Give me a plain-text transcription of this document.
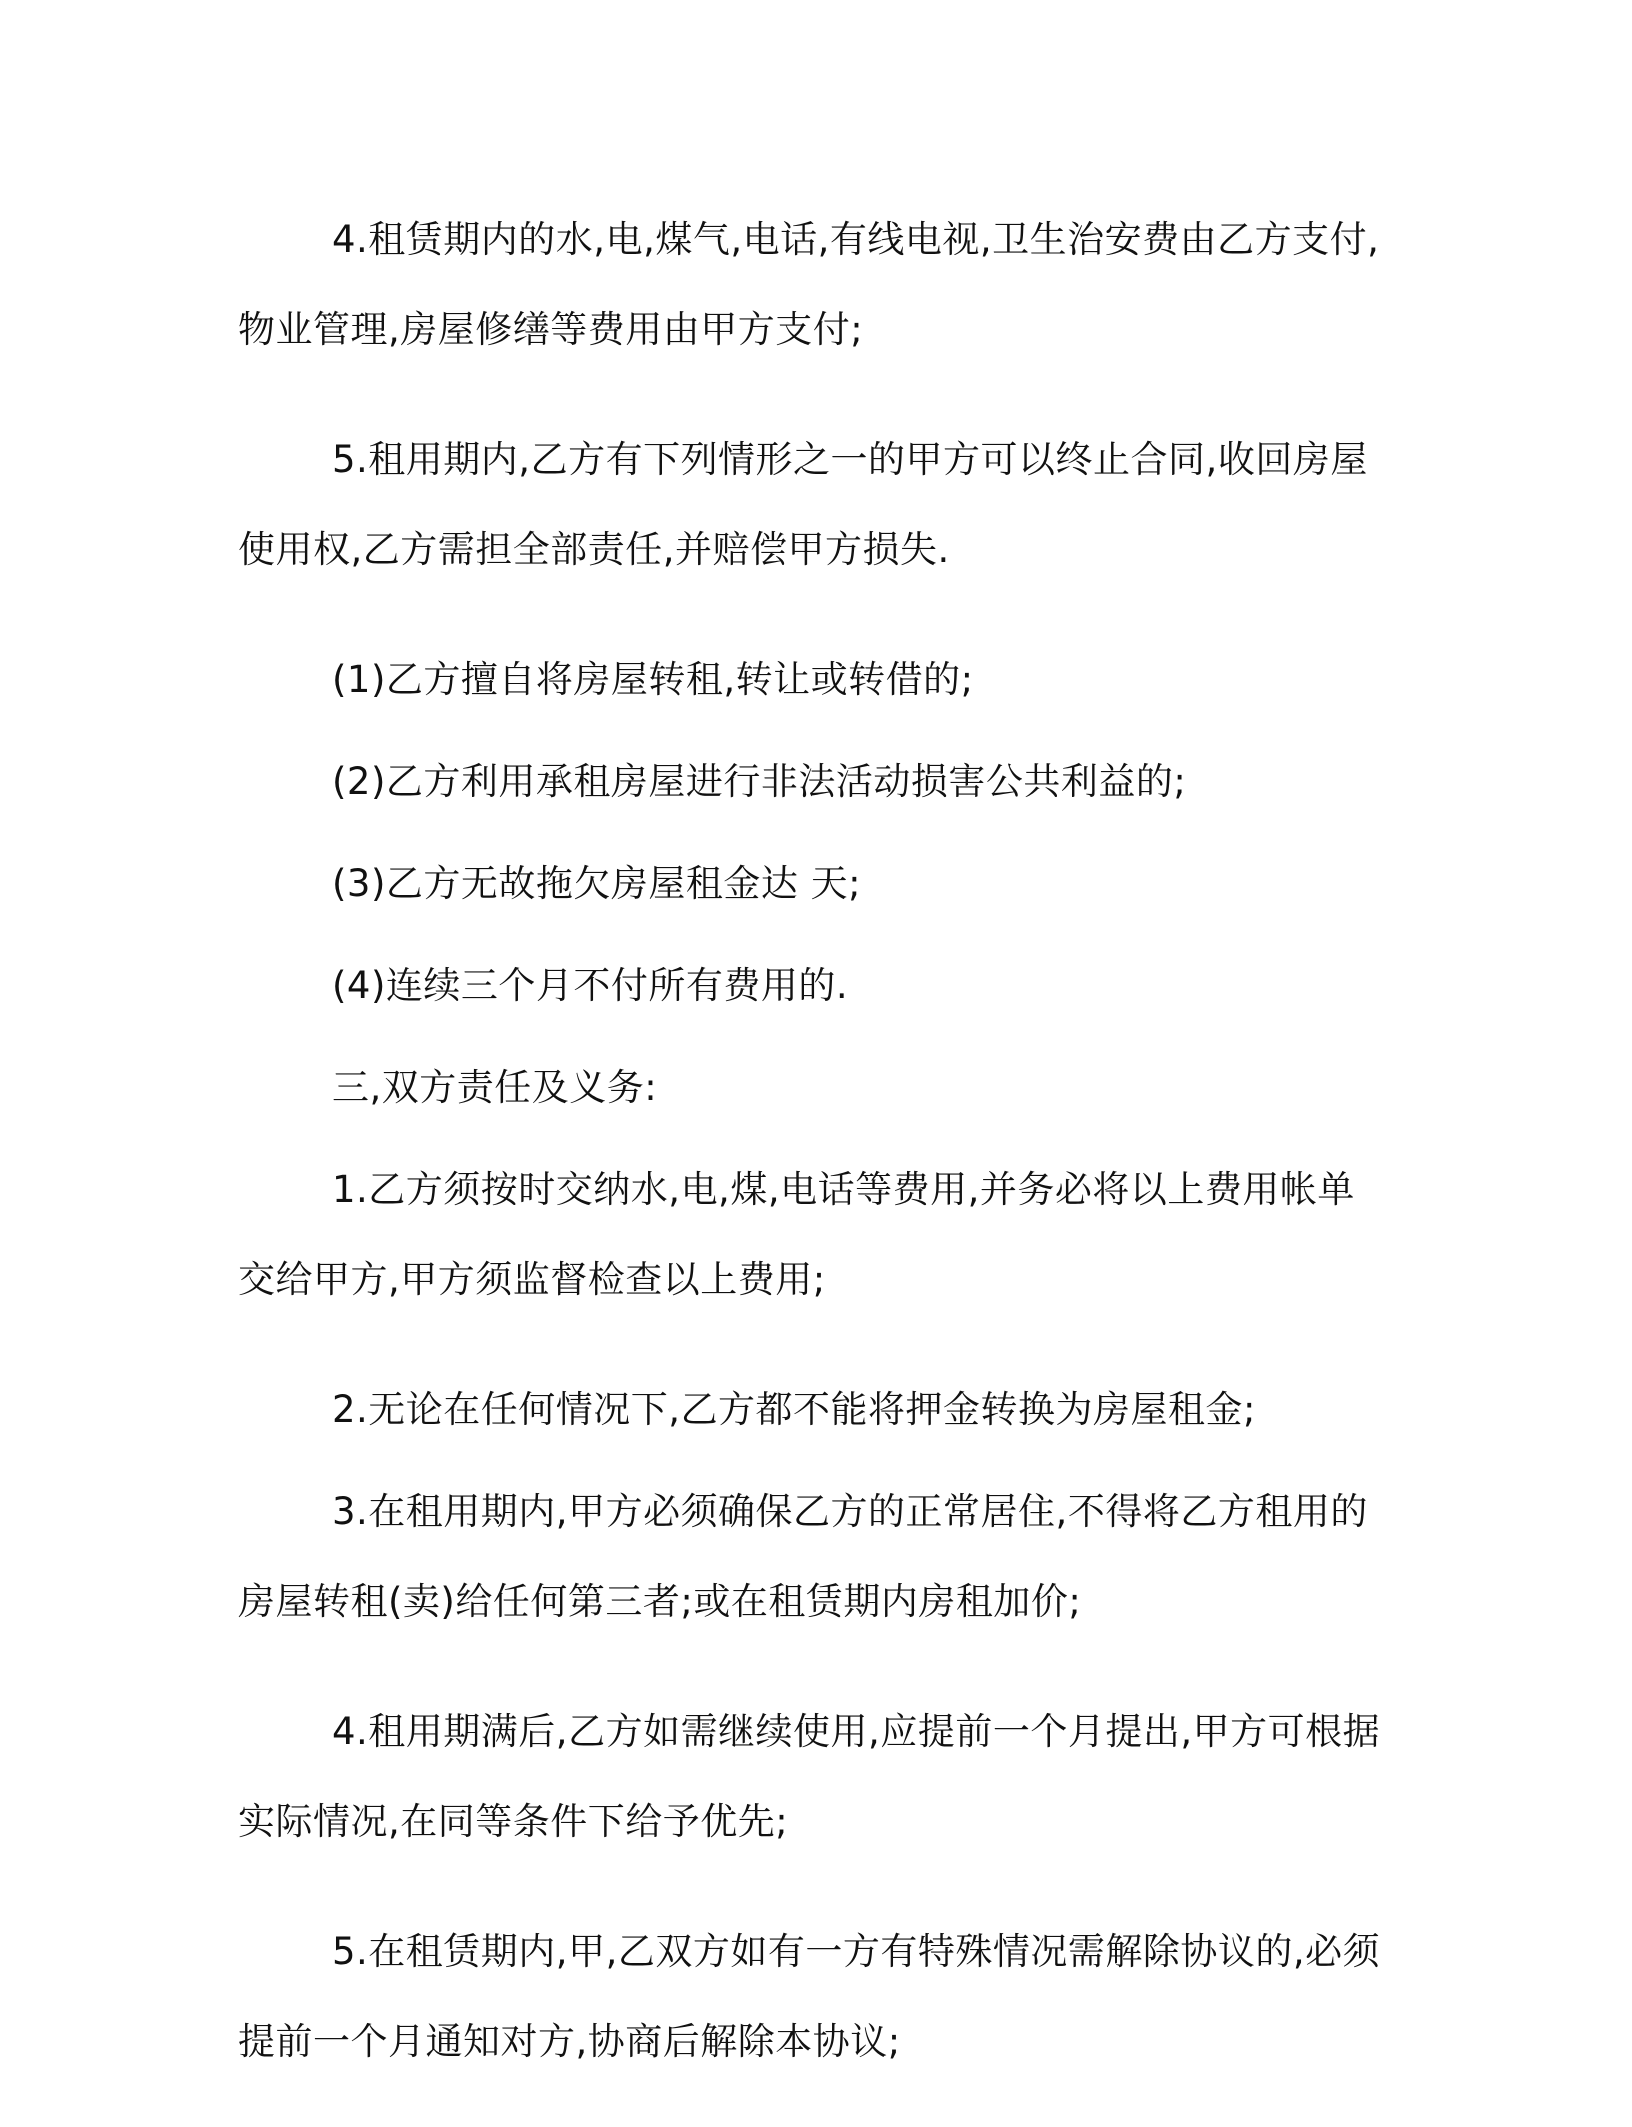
4.租赁期内的水,电,煤气,电话,有线电视,卫生治安费由乙方支付,物业管理,房屋修缮等费用由甲方支付;

5.租用期内,乙方有下列情形之一的甲方可以终止合同,收回房屋使用权,乙方需担全部责任,并赔偿甲方损失.

(1)乙方擅自将房屋转租,转让或转借的;

(2)乙方利用承租房屋进行非法活动损害公共利益的;

(3)乙方无故拖欠房屋租金达 天;

(4)连续三个月不付所有费用的.

三,双方责任及义务:

1.乙方须按时交纳水,电,煤,电话等费用,并务必将以上费用帐单交给甲方,甲方须监督检查以上费用;

2.无论在任何情况下,乙方都不能将押金转换为房屋租金;

3.在租用期内,甲方必须确保乙方的正常居住,不得将乙方租用的房屋转租(卖)给任何第三者;或在租赁期内房租加价;

4.租用期满后,乙方如需继续使用,应提前一个月提出,甲方可根据实际情况,在同等条件下给予优先;

5.在租赁期内,甲,乙双方如有一方有特殊情况需解除协议的,必须提前一个月通知对方,协商后解除本协议;
